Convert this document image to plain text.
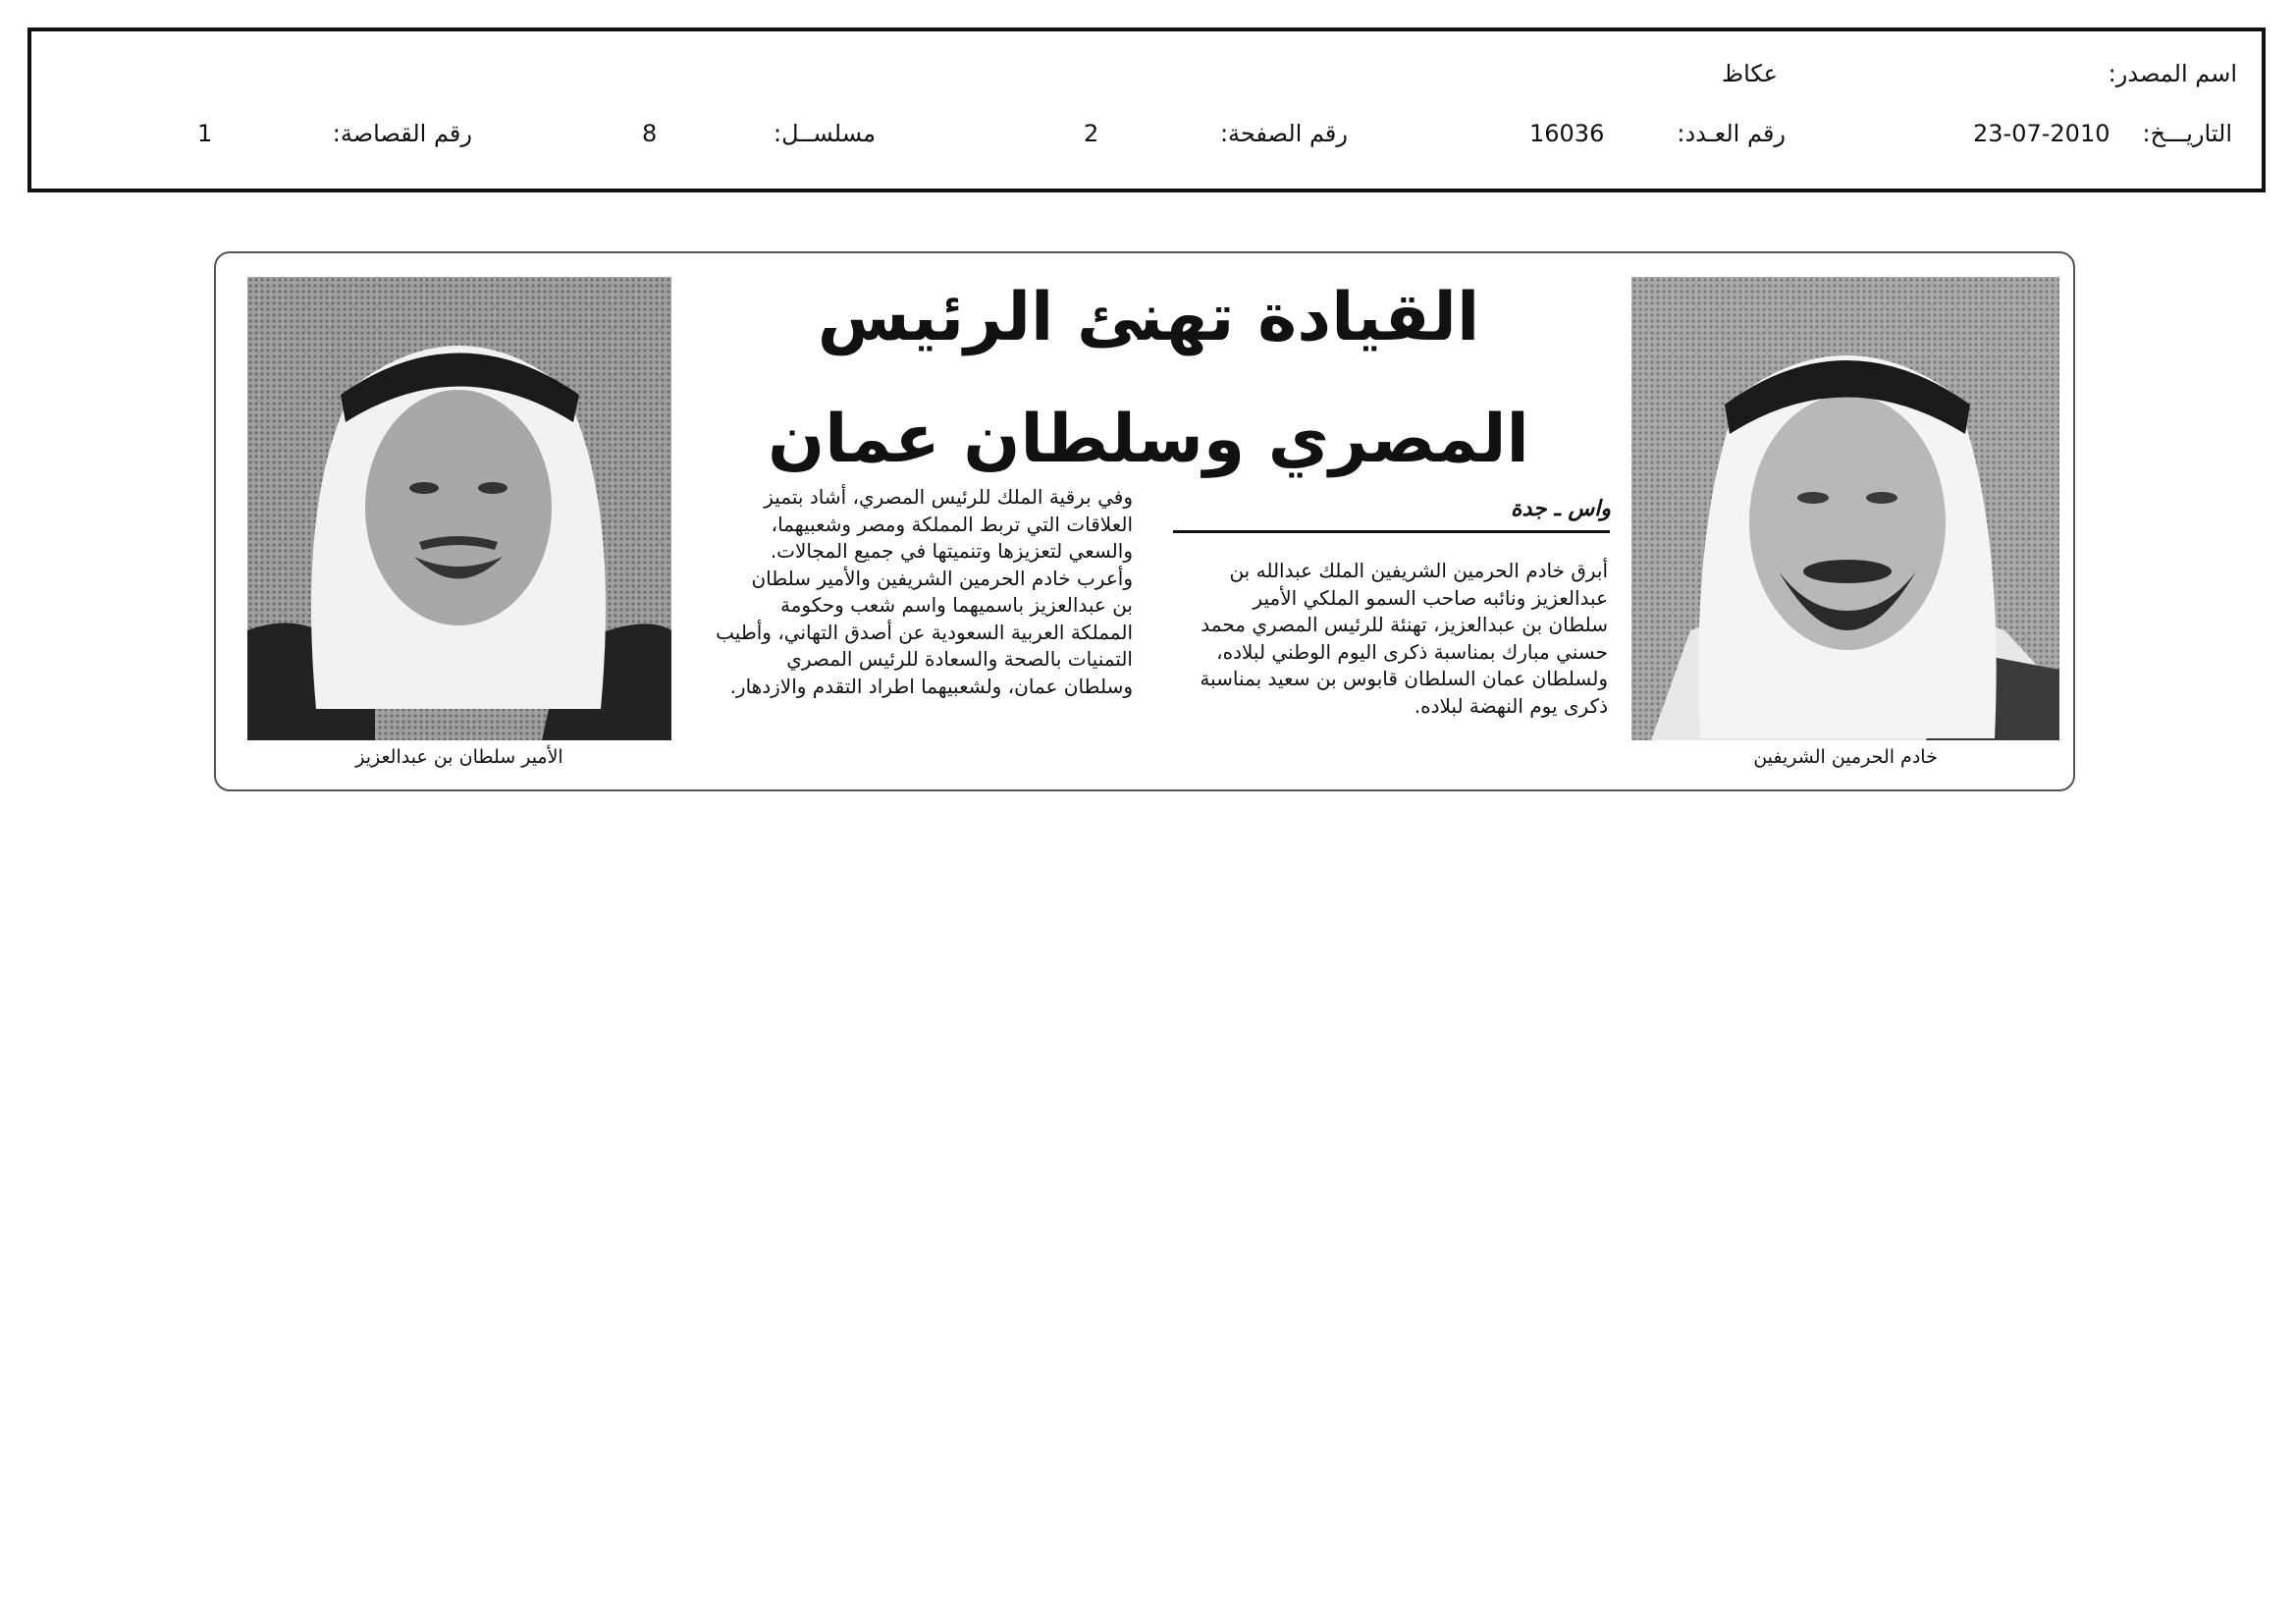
اسم المصدر:
عكاظ
التاريـــخ:
23-07-2010
رقم العـدد:
16036
رقم الصفحة:
2
مسلســل:
8
رقم القصاصة:
1
خادم الحرمين الشريفين
الأمير سلطان بن عبدالعزيز
القيادة تهنئ الرئيس
المصري وسلطان عمان
واس ـ جدة
أبرق خادم الحرمين الشريفين الملك عبدالله بن
عبدالعزيز ونائبه صاحب السمو الملكي الأمير
سلطان بن عبدالعزيز، تهنئة للرئيس المصري محمد
حسني مبارك بمناسبة ذكرى اليوم الوطني لبلاده،
ولسلطان عمان السلطان قابوس بن سعيد بمناسبة
ذكرى يوم النهضة لبلاده.
وفي برقية الملك للرئيس المصري، أشاد بتميز
العلاقات التي تربط المملكة ومصر وشعبيهما،
والسعي لتعزيزها وتنميتها في جميع المجالات.
وأعرب خادم الحرمين الشريفين والأمير سلطان
بن عبدالعزيز باسميهما واسم شعب وحكومة
المملكة العربية السعودية عن أصدق التهاني، وأطيب
التمنيات بالصحة والسعادة للرئيس المصري
وسلطان عمان، ولشعبيهما اطراد التقدم والازدهار.
